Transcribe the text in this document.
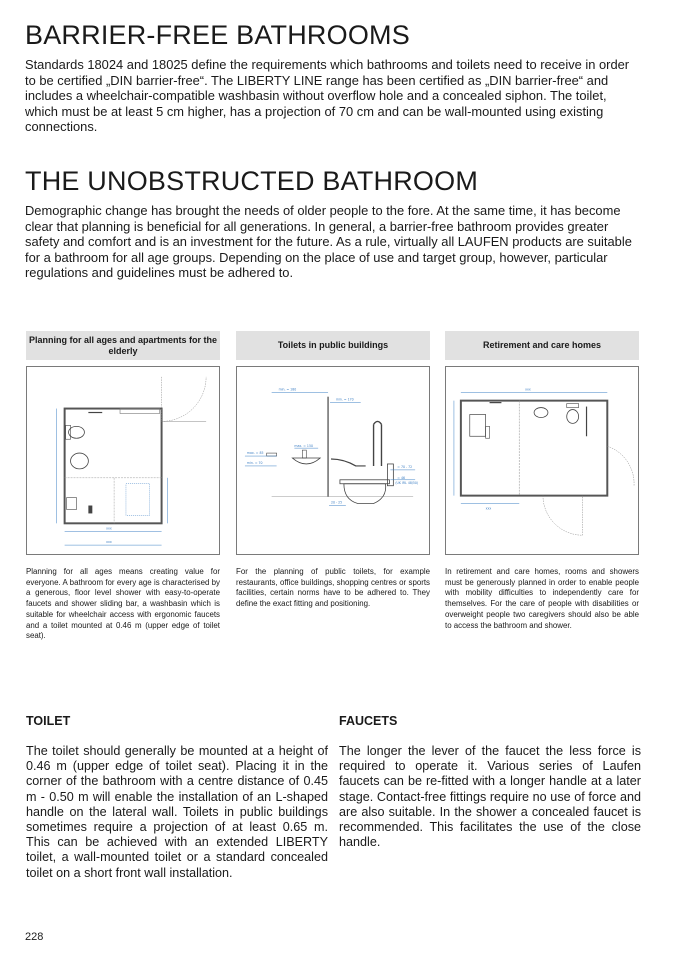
BARRIER-FREE BATHROOMS

Standards 18024 and 18025 define the requirements which bathrooms and toilets need to receive in order to be certified „DIN barrier-free“. The LIBERTY LINE range has been certified as „DIN barrier-free“ and includes a wheelchair-compatible washbasin without overflow hole and a concealed siphon. The toilet, which must be at least 5 cm higher, has a projection of 70 cm and can be wall-mounted using existing connections.

THE UNOBSTRUCTED BATHROOM

Demographic change has brought the needs of older people to the fore. At the same time, it has become clear that planning is beneficial for all generations. In general, a barrier-free bathroom provides greater safety and comfort and is an investment for the future. As a rule, virtually all LAUFEN products are suitable for a bathroom for all age groups. Depending on the place of use and target group, however, particular regulations and guidelines must be adhered to.

Planning for all ages and apartments for the elderly
xxx
xxx

Planning for all ages means creating value for everyone. A bathroom for every age is characterised by a generous, floor level shower with easy-to-operate faucets and shower sliding bar, a washbasin which is suitable for wheelchair access with ergonomic faucets and a toilet mounted at 0.46 m (upper edge of toilet seat).

Toilets in public buildings
min. = 180
min. = 170
max. = 150
max. = 85
min. = 70
= 70 - 72
= 46
(UK IRL 48/50)
20 - 25

For the planning of public toilets, for example restaurants, office buildings, shopping centres or sports facilities, certain norms have to be adhered to. They define the exact fitting and positioning.

Retirement and care homes
xxx
xxx

In retirement and care homes, rooms and showers must be generously planned in order to enable people with mobility difficulties to independently care for themselves. For the care of people with disabilities or overweight people two caregivers should also be able to access the bathroom and shower.

TOILET

The toilet should generally be mounted at a height of 0.46 m (upper edge of toilet seat). Placing it in the corner of the bathroom with a centre distance of 0.45 m - 0.50 m will enable the installation of an L-shaped handle on the lateral wall. Toilets in public buildings sometimes require a projection of at least 0.65 m. This can be achieved with an extended LIBERTY toilet, a wall-mounted toilet or a standard concealed toilet on a short front wall installation.

FAUCETS

The longer the lever of the faucet the less force is required to operate it. Various series of Laufen faucets can be re-fitted with a longer handle at a later stage. Contact-free fittings require no use of force and are also suitable. In the shower a concealed faucet is recommended. This facilitates the use of the close handle.

228
